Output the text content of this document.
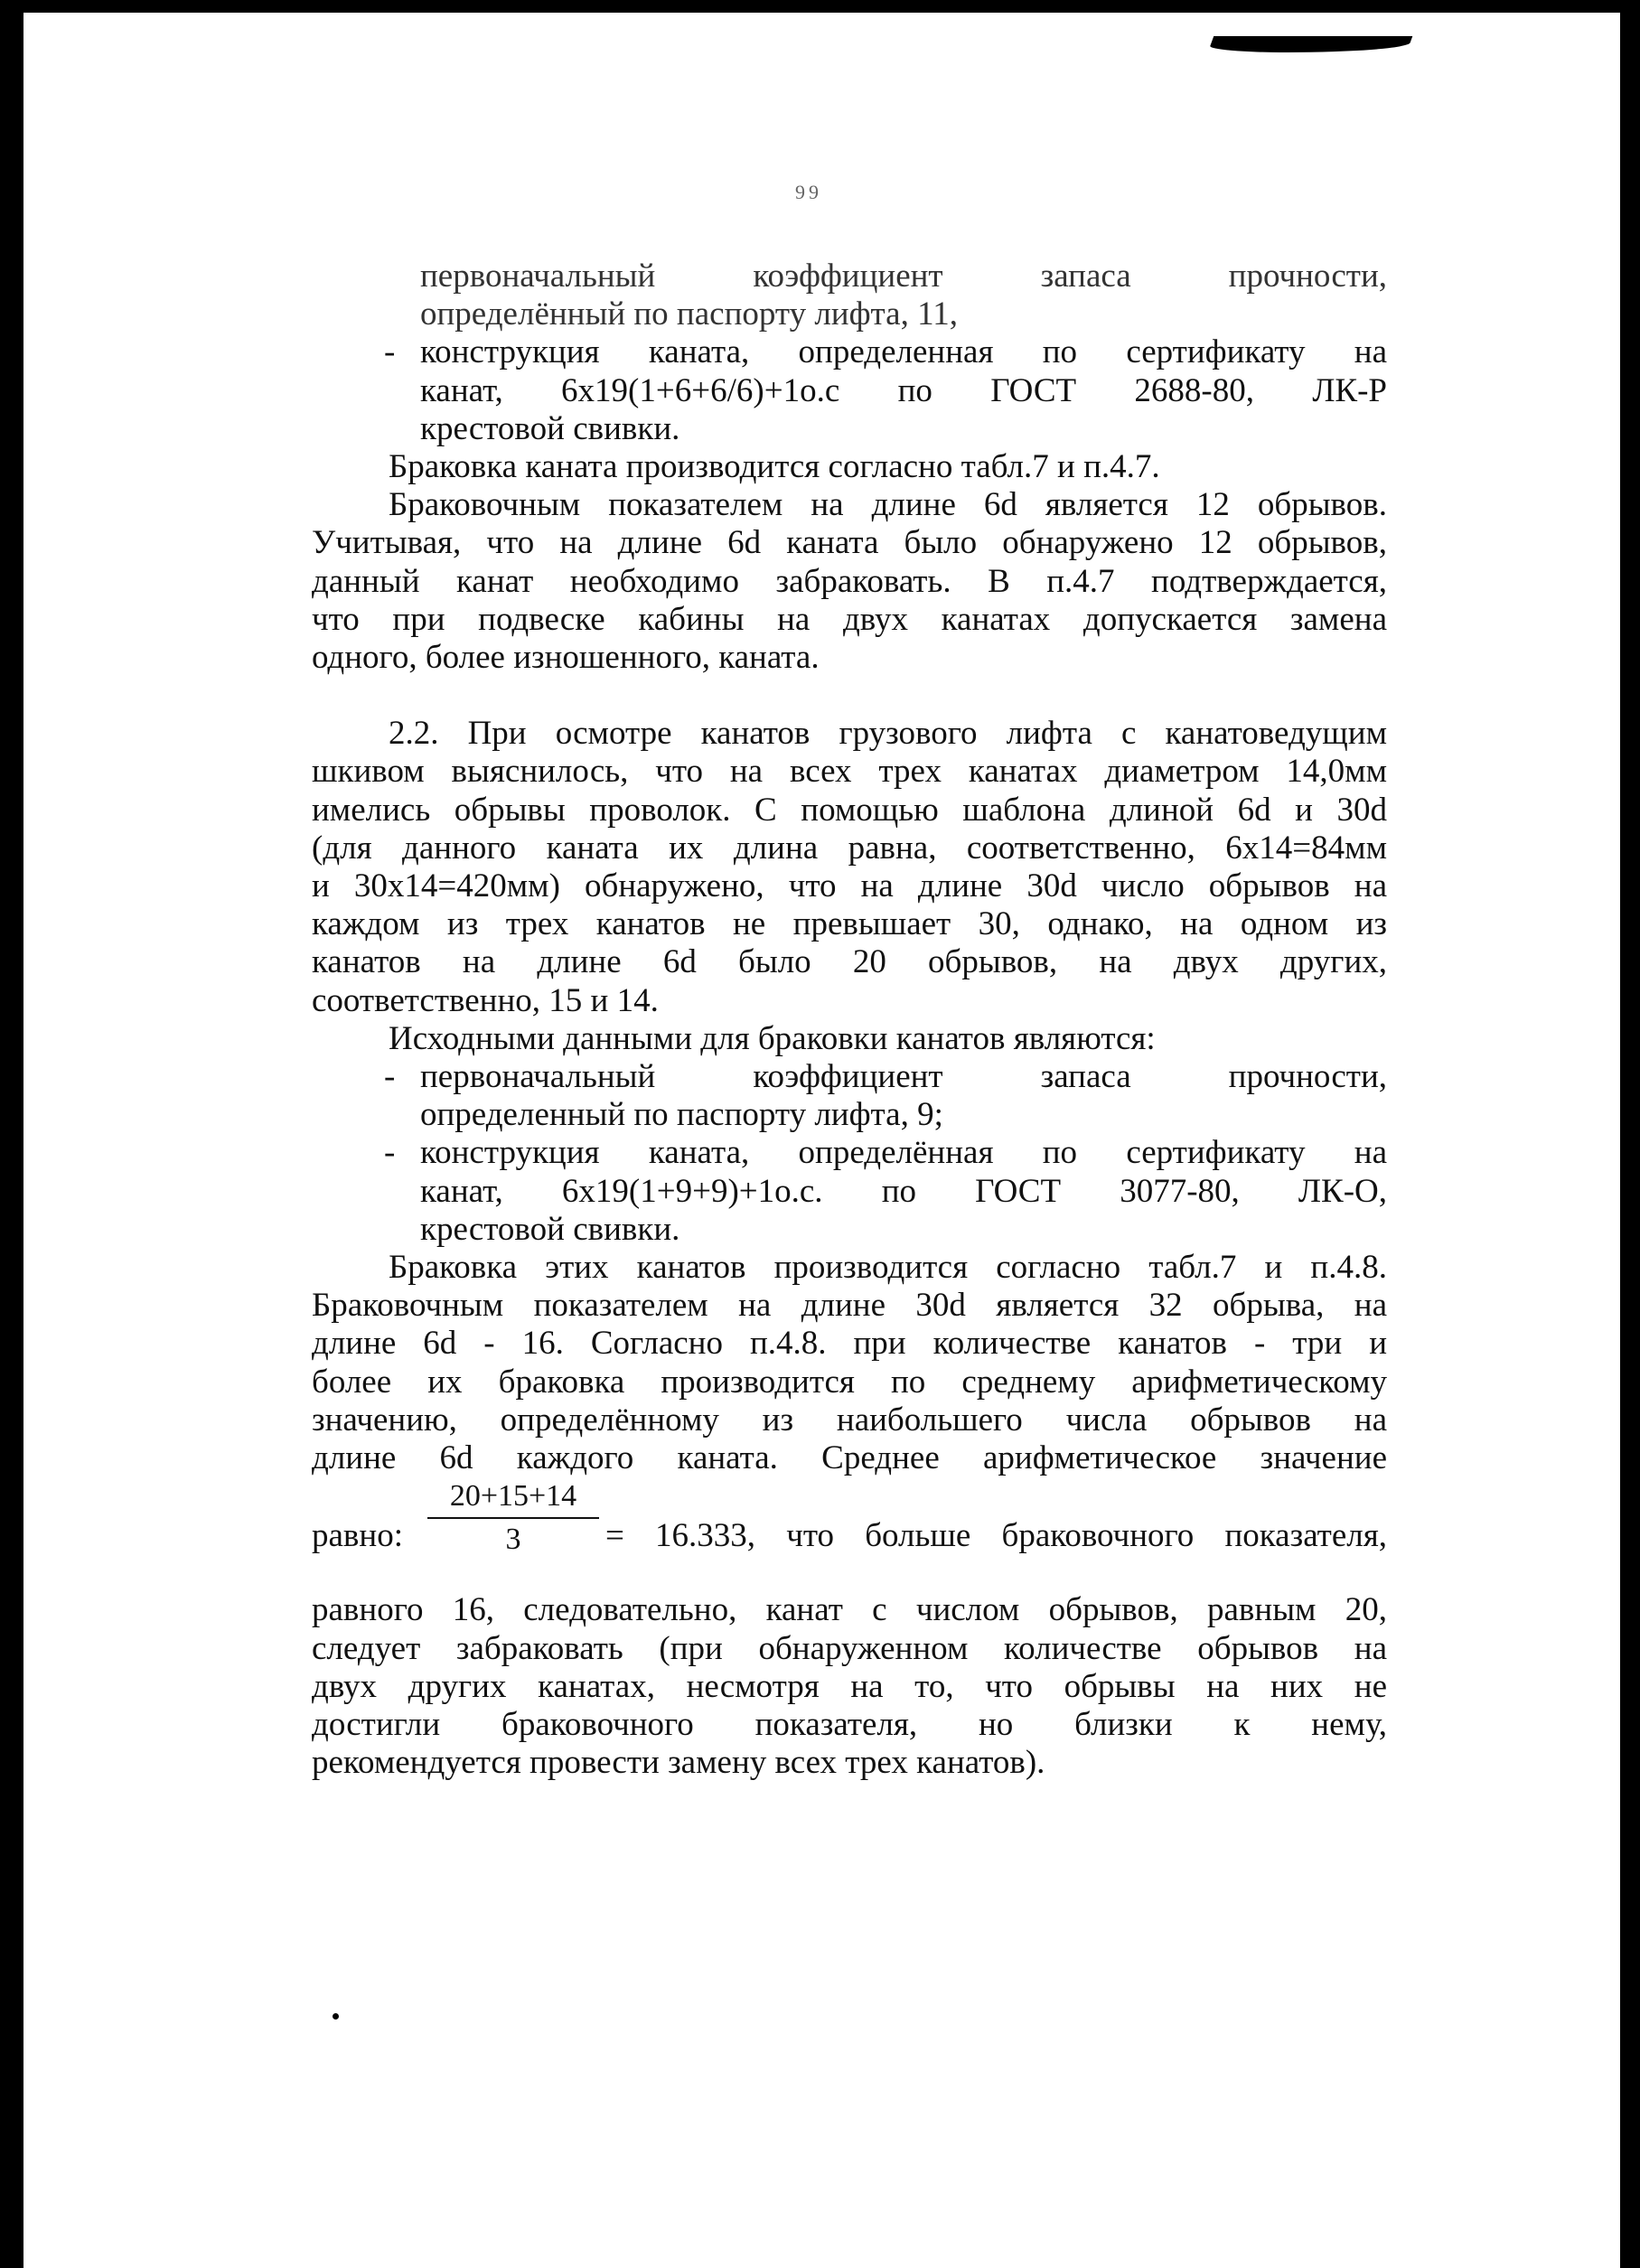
99
первоначальный коэффициент запаса прочности,
определённый по паспорту лифта, 11,
- конструкция каната, определенная по сертификату на
канат, 6х19(1+6+6/6)+1о.с по ГОСТ 2688-80, ЛК-Р
крестовой свивки.
Браковка каната производится согласно табл.7 и п.4.7.
Браковочным показателем на длине 6d является 12 обрывов.
Учитывая, что на длине 6d каната было обнаружено 12 обрывов,
данный канат необходимо забраковать. В п.4.7 подтверждается,
что при подвеске кабины на двух канатах допускается замена
одного, более изношенного, каната.
2.2. При осмотре канатов грузового лифта с канатоведущим
шкивом выяснилось, что на всех трех канатах диаметром 14,0мм
имелись обрывы проволок. С помощью шаблона длиной 6d и 30d
(для данного каната их длина равна, соответственно, 6х14=84мм
и 30х14=420мм) обнаружено, что на длине 30d число обрывов на
каждом из трех канатов не превышает 30, однако, на одном из
канатов на длине 6d было 20 обрывов, на двух других,
соответственно, 15 и 14.
Исходными данными для браковки канатов являются:
- первоначальный коэффициент запаса прочности,
определенный по паспорту лифта, 9;
- конструкция каната, определённая по сертификату на
канат, 6х19(1+9+9)+1о.с. по ГОСТ 3077-80, ЛК-О,
крестовой свивки.
Браковка этих канатов производится согласно табл.7 и п.4.8.
Браковочным показателем на длине 30d является 32 обрыва, на
длине 6d - 16. Согласно п.4.8. при количестве канатов - три и
более их браковка производится по среднему арифметическому
значению, определённому из наибольшего числа обрывов на
длине 6d каждого каната. Среднее арифметическое значение
равно:
20+15+14
3	= 16.333, что больше браковочного показателя,
равного 16, следовательно, канат с числом обрывов, равным 20,
следует забраковать (при обнаруженном количестве обрывов на
двух других канатах, несмотря на то, что обрывы на них не
достигли браковочного показателя, но близки к нему,
рекомендуется провести замену всех трех канатов).
